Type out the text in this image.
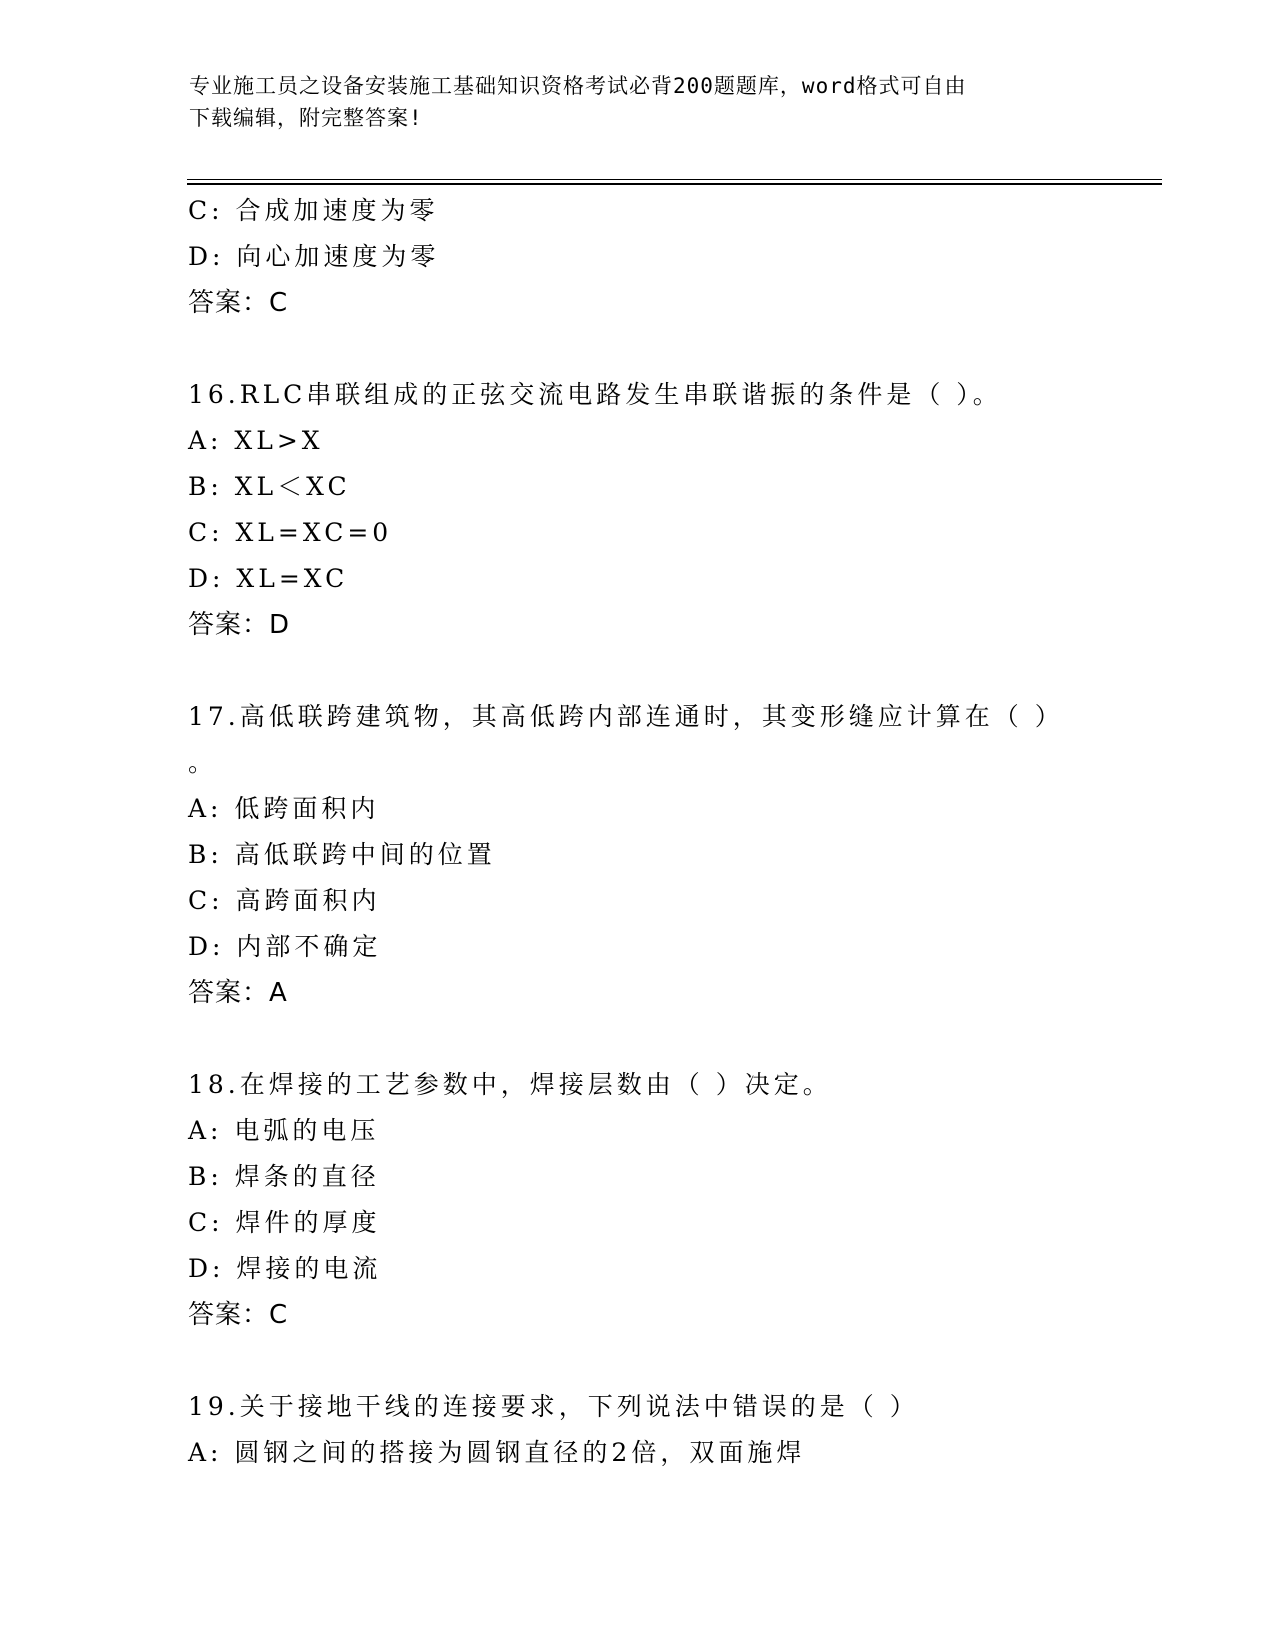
专业施工员之设备安装施工基础知识资格考试必背200题题库，word格式可自由
下载编辑，附完整答案!
C: 合成加速度为零
D: 向心加速度为零
答案：C
16.RLC串联组成的正弦交流电路发生串联谐振的条件是（ ）。
A: XL>X
B: XL＜XC
C: XL=XC=0
D: XL=XC
答案：D
17.高低联跨建筑物，其高低跨内部连通时，其变形缝应计算在（ ）
。
A: 低跨面积内
B: 高低联跨中间的位置
C: 高跨面积内
D: 内部不确定
答案：A
18.在焊接的工艺参数中，焊接层数由（ ）决定。
A: 电弧的电压
B: 焊条的直径
C: 焊件的厚度
D: 焊接的电流
答案：C
19.关于接地干线的连接要求，下列说法中错误的是（ ）
A: 圆钢之间的搭接为圆钢直径的2倍，双面施焊
